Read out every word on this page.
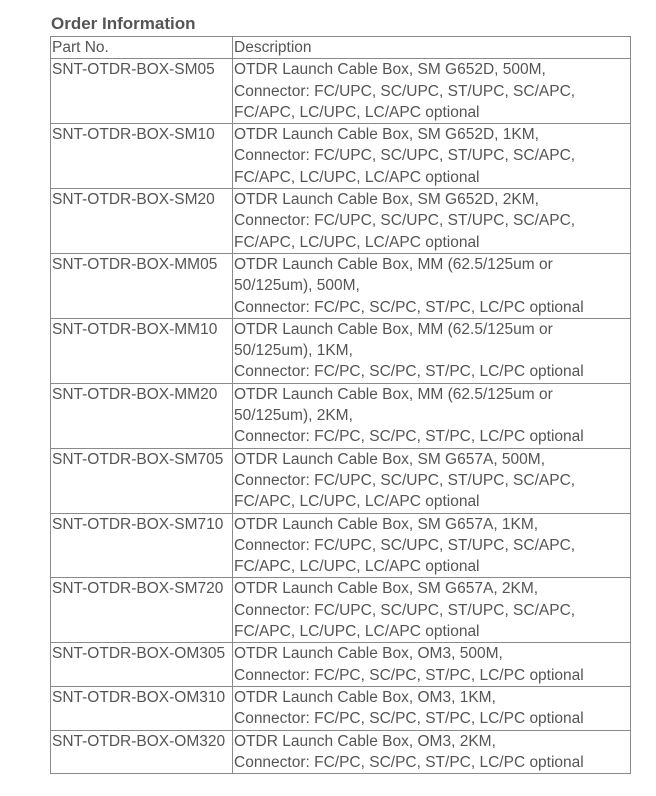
Order Information
Part No.	Description
SNT-OTDR-BOX-SM05	OTDR Launch Cable Box, SM G652D, 500M,
Connector: FC/UPC, SC/UPC, ST/UPC, SC/APC,
FC/APC, LC/UPC, LC/APC optional

SNT-OTDR-BOX-SM10	OTDR Launch Cable Box, SM G652D, 1KM,
Connector: FC/UPC, SC/UPC, ST/UPC, SC/APC,
FC/APC, LC/UPC, LC/APC optional

SNT-OTDR-BOX-SM20	OTDR Launch Cable Box, SM G652D, 2KM,
Connector: FC/UPC, SC/UPC, ST/UPC, SC/APC,
FC/APC, LC/UPC, LC/APC optional

SNT-OTDR-BOX-MM05	OTDR Launch Cable Box, MM (62.5/125um or
50/125um), 500M,
Connector: FC/PC, SC/PC, ST/PC, LC/PC optional

SNT-OTDR-BOX-MM10	OTDR Launch Cable Box, MM (62.5/125um or
50/125um), 1KM,
Connector: FC/PC, SC/PC, ST/PC, LC/PC optional

SNT-OTDR-BOX-MM20	OTDR Launch Cable Box, MM (62.5/125um or
50/125um), 2KM,
Connector: FC/PC, SC/PC, ST/PC, LC/PC optional

SNT-OTDR-BOX-SM705	OTDR Launch Cable Box, SM G657A, 500M,
Connector: FC/UPC, SC/UPC, ST/UPC, SC/APC,
FC/APC, LC/UPC, LC/APC optional

SNT-OTDR-BOX-SM710	OTDR Launch Cable Box, SM G657A, 1KM,
Connector: FC/UPC, SC/UPC, ST/UPC, SC/APC,
FC/APC, LC/UPC, LC/APC optional

SNT-OTDR-BOX-SM720	OTDR Launch Cable Box, SM G657A, 2KM,
Connector: FC/UPC, SC/UPC, ST/UPC, SC/APC,
FC/APC, LC/UPC, LC/APC optional

SNT-OTDR-BOX-OM305	OTDR Launch Cable Box, OM3, 500M,
Connector: FC/PC, SC/PC, ST/PC, LC/PC optional

SNT-OTDR-BOX-OM310	OTDR Launch Cable Box, OM3, 1KM,
Connector: FC/PC, SC/PC, ST/PC, LC/PC optional

SNT-OTDR-BOX-OM320	OTDR Launch Cable Box, OM3, 2KM,
Connector: FC/PC, SC/PC, ST/PC, LC/PC optional
